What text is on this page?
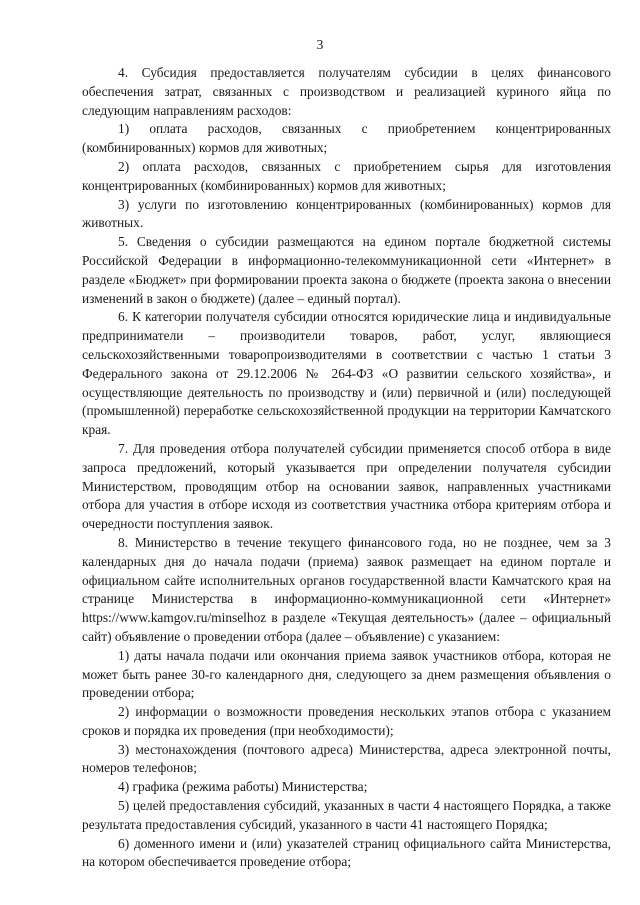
3

4. Субсидия предоставляется получателям субсидии в целях финансового обеспечения затрат, связанных с производством и реализацией куриного яйца по следующим направлениям расходов:

1) оплата расходов, связанных с приобретением концентрированных (комбинированных) кормов для животных;

2) оплата расходов, связанных с приобретением сырья для изготовления концентрированных (комбинированных) кормов для животных;

3) услуги по изготовлению концентрированных (комбинированных) кормов для животных.

5. Сведения о субсидии размещаются на едином портале бюджетной системы Российской Федерации в информационно-телекоммуникационной сети «Интернет» в разделе «Бюджет» при формировании проекта закона о бюджете (проекта закона о внесении изменений в закон о бюджете) (далее – единый портал).

6. К категории получателя субсидии относятся юридические лица и индивидуальные предприниматели – производители товаров, работ, услуг, являющиеся сельскохозяйственными товаропроизводителями в соответствии с частью 1 статьи 3 Федерального закона от 29.12.2006 № 264-ФЗ «О развитии сельского хозяйства», и осуществляющие деятельность по производству и (или) первичной и (или) последующей (промышленной) переработке сельскохозяйственной продукции на территории Камчатского края.

7. Для проведения отбора получателей субсидии применяется способ отбора в виде запроса предложений, который указывается при определении получателя субсидии Министерством, проводящим отбор на основании заявок, направленных участниками отбора для участия в отборе исходя из соответствия участника отбора критериям отбора и очередности поступления заявок.

8. Министерство в течение текущего финансового года, но не позднее, чем за 3 календарных дня до начала подачи (приема) заявок размещает на едином портале и официальном сайте исполнительных органов государственной власти Камчатского края на странице Министерства в информационно-коммуникационной сети «Интернет» https://www.kamgov.ru/minselhoz в разделе «Текущая деятельность» (далее – официальный сайт) объявление о проведении отбора (далее – объявление) с указанием:

1) даты начала подачи или окончания приема заявок участников отбора, которая не может быть ранее 30-го календарного дня, следующего за днем размещения объявления о проведении отбора;

2) информации о возможности проведения нескольких этапов отбора с указанием сроков и порядка их проведения (при необходимости);

3) местонахождения (почтового адреса) Министерства, адреса электронной почты, номеров телефонов;

4) графика (режима работы) Министерства;

5) целей предоставления субсидий, указанных в части 4 настоящего Порядка, а также результата предоставления субсидий, указанного в части 41 настоящего Порядка;

6) доменного имени и (или) указателей страниц официального сайта Министерства, на котором обеспечивается проведение отбора;
